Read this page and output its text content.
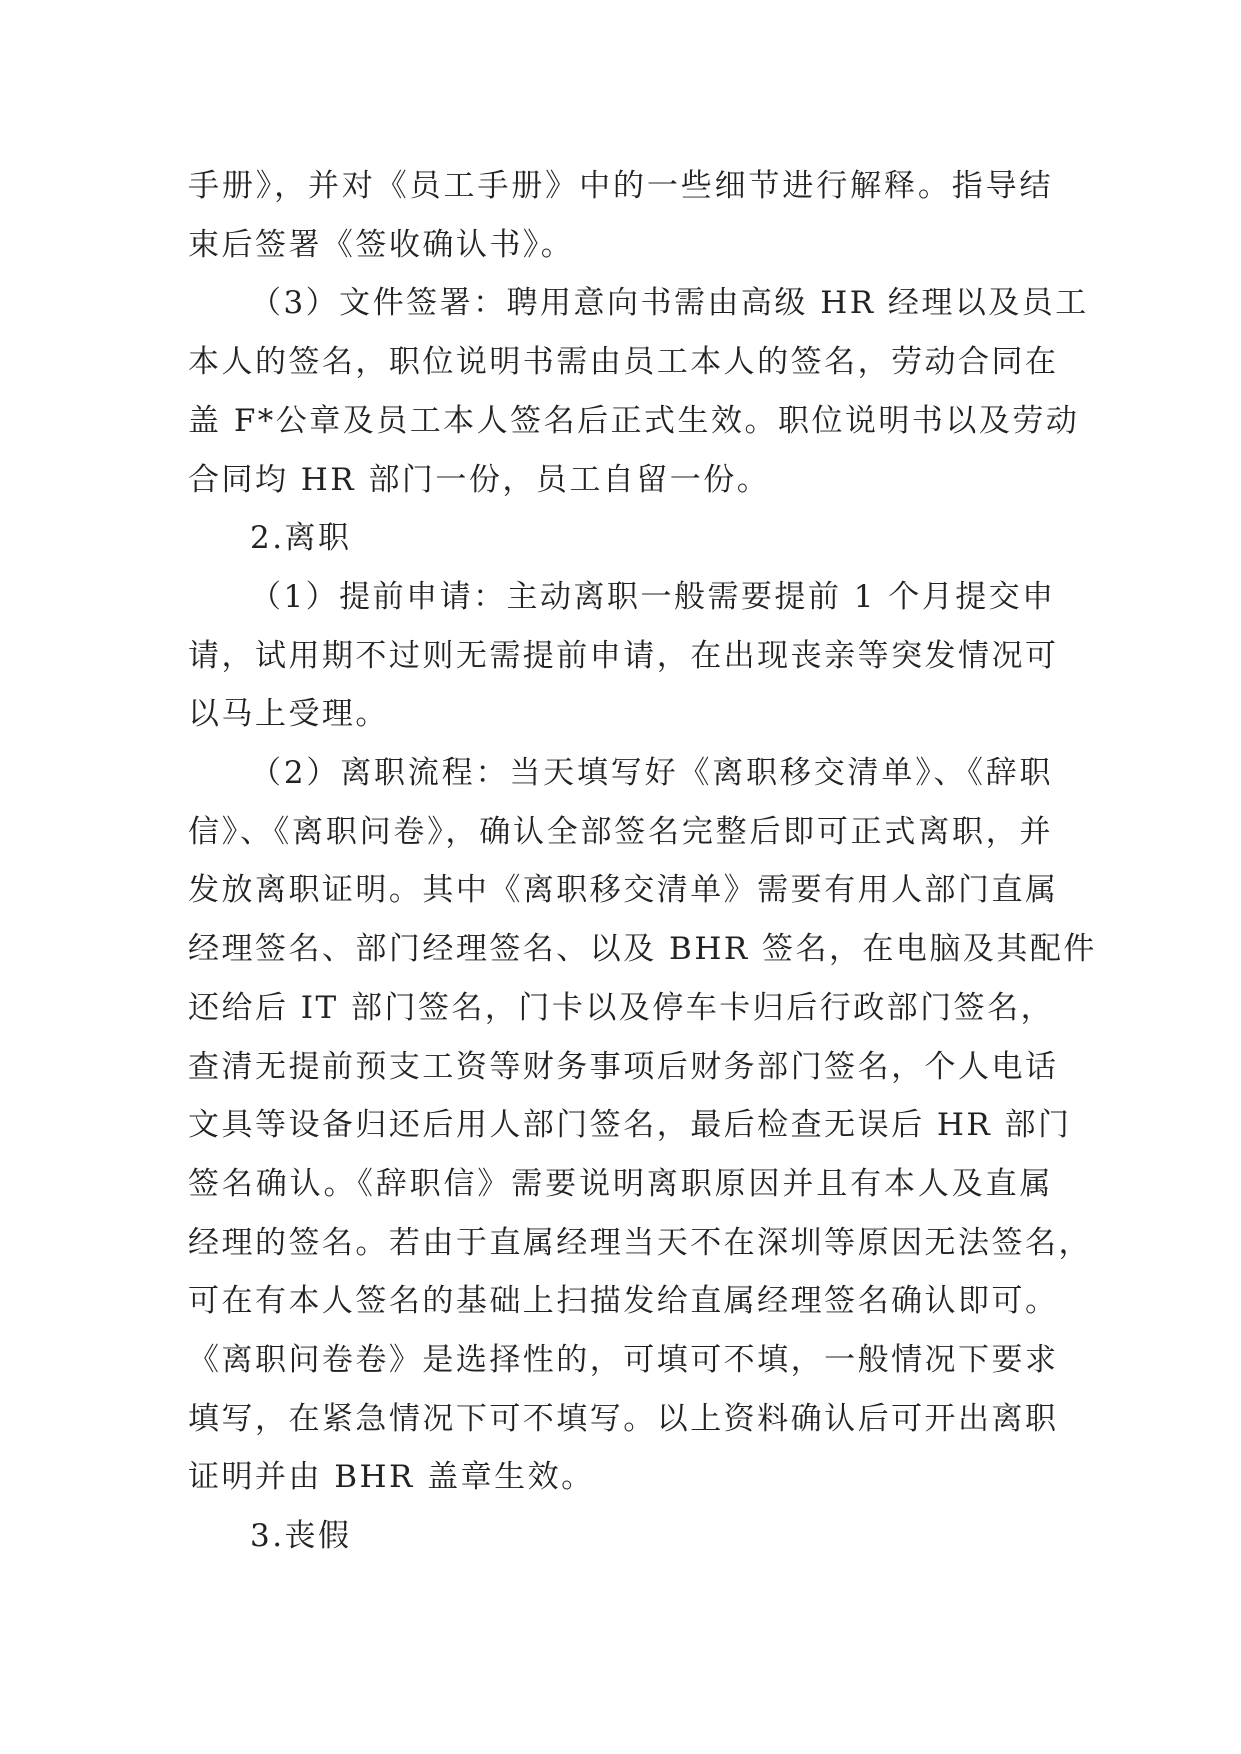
手册》，并对《员工手册》中的一些细节进行解释。指导结
束后签署《签收确认书》。

（3）文件签署：聘用意向书需由高级 HR 经理以及员工
本人的签名，职位说明书需由员工本人的签名，劳动合同在
盖 F*公章及员工本人签名后正式生效。职位说明书以及劳动
合同均 HR 部门一份，员工自留一份。

2.离职

（1）提前申请：主动离职一般需要提前 1 个月提交申
请，试用期不过则无需提前申请，在出现丧亲等突发情况可
以马上受理。

（2）离职流程：当天填写好《离职移交清单》、《辞职
信》、《离职问卷》，确认全部签名完整后即可正式离职，并
发放离职证明。其中《离职移交清单》需要有用人部门直属
经理签名、部门经理签名、以及 BHR 签名，在电脑及其配件
还给后 IT 部门签名，门卡以及停车卡归后行政部门签名，
查清无提前预支工资等财务事项后财务部门签名，个人电话
文具等设备归还后用人部门签名，最后检查无误后 HR 部门
签名确认。《辞职信》需要说明离职原因并且有本人及直属
经理的签名。若由于直属经理当天不在深圳等原因无法签名，
可在有本人签名的基础上扫描发给直属经理签名确认即可。
《离职问卷卷》是选择性的，可填可不填，一般情况下要求
填写，在紧急情况下可不填写。以上资料确认后可开出离职
证明并由 BHR 盖章生效。

3.丧假
